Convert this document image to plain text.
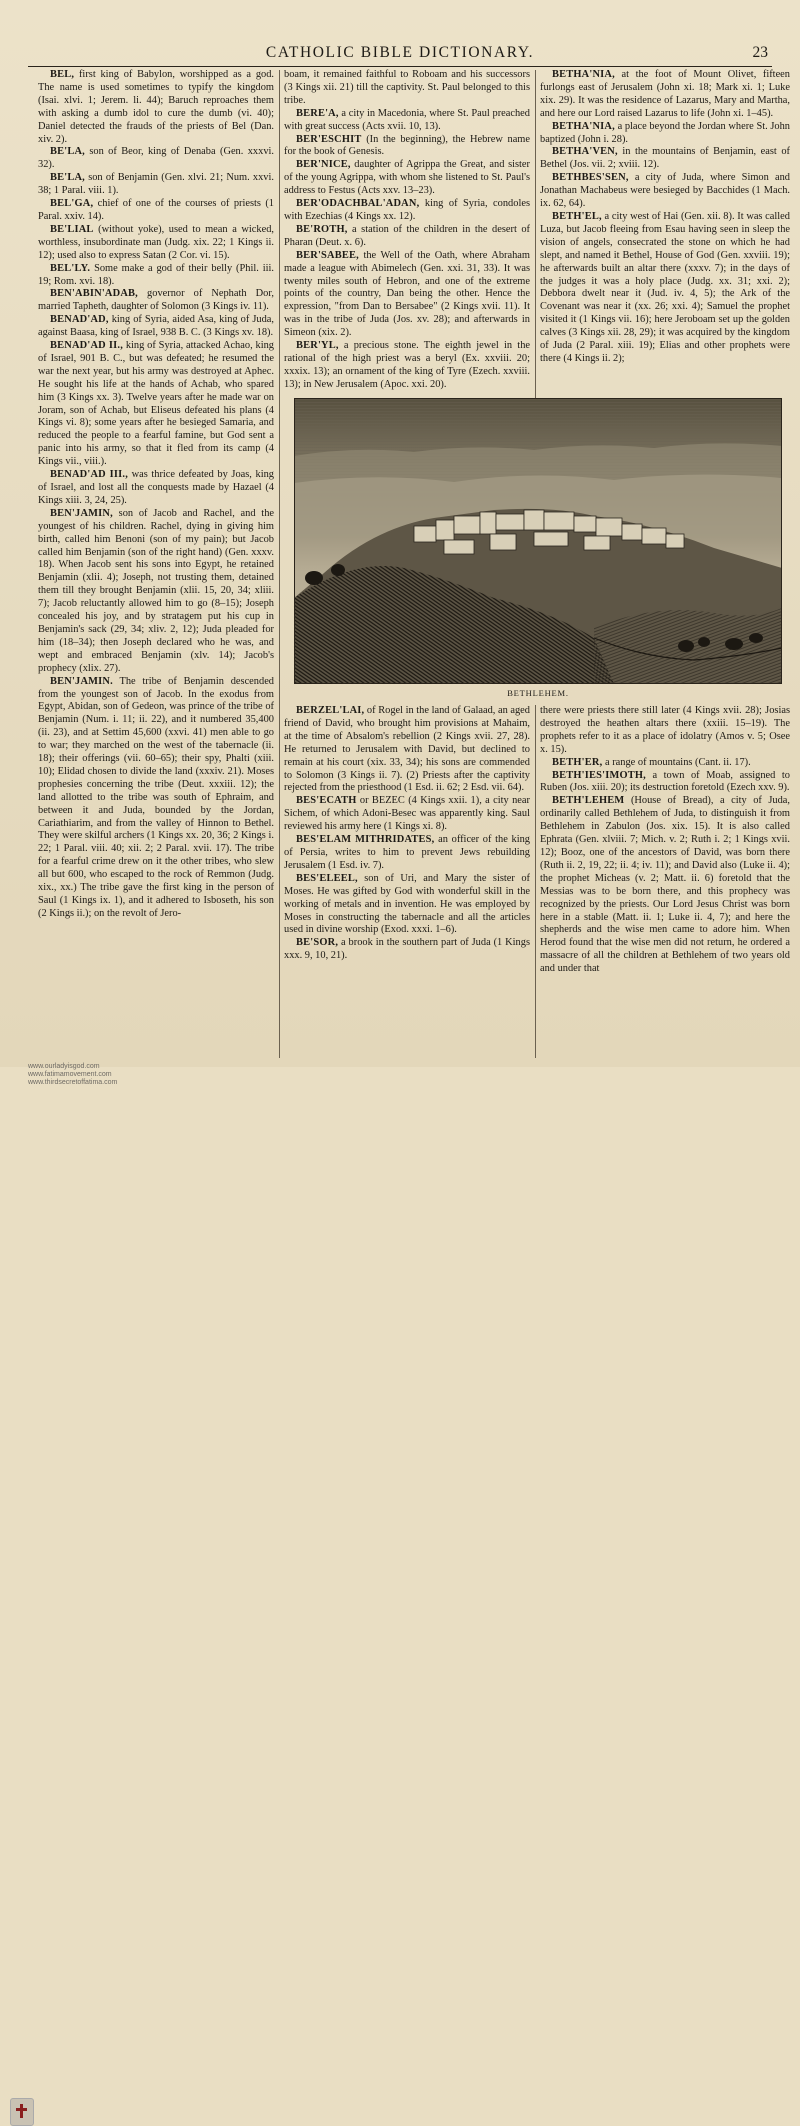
CATHOLIC BIBLE DICTIONARY.	23

BEL, first king of Babylon, worshipped as a god. The name is used sometimes to typify the kingdom (Isai. xlvi. 1; Jerem. li. 44); Baruch reproaches them with asking a dumb idol to cure the dumb (vi. 40); Daniel detected the frauds of the priests of Bel (Dan. xiv. 2).

BE'LA, son of Beor, king of Denaba (Gen. xxxvi. 32).

BE'LA, son of Benjamin (Gen. xlvi. 21; Num. xxvi. 38; 1 Paral. viii. 1).

BEL'GA, chief of one of the courses of priests (1 Paral. xxiv. 14).

BE'LIAL (without yoke), used to mean a wicked, worthless, insubordinate man (Judg. xix. 22; 1 Kings ii. 12); used also to express Satan (2 Cor. vi. 15).

BEL'LY. Some make a god of their belly (Phil. iii. 19; Rom. xvi. 18).

BEN'ABIN'ADAB, governor of Nephath Dor, married Tapheth, daughter of Solomon (3 Kings iv. 11).

BENAD'AD, king of Syria, aided Asa, king of Juda, against Baasa, king of Israel, 938 B. C. (3 Kings xv. 18).

BENAD'AD II., king of Syria, attacked Achao, king of Israel, 901 B. C., but was defeated; he resumed the war the next year, but his army was destroyed at Aphec. He sought his life at the hands of Achab, who spared him (3 Kings xx. 3). Twelve years after he made war on Joram, son of Achab, but Eliseus defeated his plans (4 Kings vi. 8); some years after he besieged Samaria, and reduced the people to a fearful famine, but God sent a panic into his army, so that it fled from its camp (4 Kings vii., viii.).

BENAD'AD III., was thrice defeated by Joas, king of Israel, and lost all the conquests made by Hazael (4 Kings xiii. 3, 24, 25).

BEN'JAMIN, son of Jacob and Rachel, and the youngest of his children. Rachel, dying in giving him birth, called him Benoni (son of my pain); but Jacob called him Benjamin (son of the right hand) (Gen. xxxv. 18). When Jacob sent his sons into Egypt, he retained Benjamin (xlii. 4); Joseph, not trusting them, detained them till they brought Benjamin (xlii. 15, 20, 34; xliii. 7); Jacob reluctantly allowed him to go (8–15); Joseph concealed his joy, and by stratagem put his cup in Benjamin's sack (29, 34; xliv. 2, 12); Juda pleaded for him (18–34); then Joseph declared who he was, and wept and embraced Benjamin (xlv. 14); Jacob's prophecy (xlix. 27).

BEN'JAMIN. The tribe of Benjamin descended from the youngest son of Jacob. In the exodus from Egypt, Abidan, son of Gedeon, was prince of the tribe of Benjamin (Num. i. 11; ii. 22), and it numbered 35,400 (ii. 23), and at Settim 45,600 (xxvi. 41) men able to go to war; they marched on the west of the tabernacle (ii. 18); their offerings (vii. 60–65); their spy, Phalti (xiii. 10); Elidad chosen to divide the land (xxxiv. 21). Moses prophesies concerning the tribe (Deut. xxxiii. 12); the land allotted to the tribe was south of Ephraim, and between it and Juda, bounded by the Jordan, Cariathiarim, and from the valley of Hinnon to Bethel. They were skilful archers (1 Kings xx. 20, 36; 2 Kings i. 22; 1 Paral. viii. 40; xii. 2; 2 Paral. xvii. 17). The tribe for a fearful crime drew on it the other tribes, who slew all but 600, who escaped to the rock of Remmon (Judg. xix., xx.) The tribe gave the first king in the person of Saul (1 Kings ix. 1), and it adhered to Isboseth, his son (2 Kings ii.); on the revolt of Jero-

boam, it remained faithful to Roboam and his successors (3 Kings xii. 21) till the captivity. St. Paul belonged to this tribe.

BERE'A, a city in Macedonia, where St. Paul preached with great success (Acts xvii. 10, 13).

BER'ESCHIT (In the beginning), the Hebrew name for the book of Genesis.

BER'NICE, daughter of Agrippa the Great, and sister of the young Agrippa, with whom she listened to St. Paul's address to Festus (Acts xxv. 13–23).

BER'ODACHBAL'ADAN, king of Syria, condoles with Ezechias (4 Kings xx. 12).

BE'ROTH, a station of the children in the desert of Pharan (Deut. x. 6).

BER'SABEE, the Well of the Oath, where Abraham made a league with Abimelech (Gen. xxi. 31, 33). It was twenty miles south of Hebron, and one of the extreme points of the country, Dan being the other. Hence the expression, "from Dan to Bersabee" (2 Kings xvii. 11). It was in the tribe of Juda (Jos. xv. 28); and afterwards in Simeon (xix. 2).

BER'YL, a precious stone. The eighth jewel in the rational of the high priest was a beryl (Ex. xxviii. 20; xxxix. 13); an ornament of the king of Tyre (Ezech. xxviii. 13); in New Jerusalem (Apoc. xxi. 20).

BETHA'NIA, at the foot of Mount Olivet, fifteen furlongs east of Jerusalem (John xi. 18; Mark xi. 1; Luke xix. 29). It was the residence of Lazarus, Mary and Martha, and here our Lord raised Lazarus to life (John xi. 1–45).

BETHA'NIA, a place beyond the Jordan where St. John baptized (John i. 28).

BETHA'VEN, in the mountains of Benjamin, east of Bethel (Jos. vii. 2; xviii. 12).

BETHBES'SEN, a city of Juda, where Simon and Jonathan Machabeus were besieged by Bacchides (1 Mach. ix. 62, 64).

BETH'EL, a city west of Hai (Gen. xii. 8). It was called Luza, but Jacob fleeing from Esau having seen in sleep the vision of angels, consecrated the stone on which he had slept, and named it Bethel, House of God (Gen. xxviii. 19); he afterwards built an altar there (xxxv. 7); in the days of the judges it was a holy place (Judg. xx. 31; xxi. 2); Debbora dwelt near it (Jud. iv. 4, 5); the Ark of the Covenant was near it (xx. 26; xxi. 4); Samuel the prophet visited it (1 Kings vii. 16); here Jeroboam set up the golden calves (3 Kings xii. 28, 29); it was acquired by the kingdom of Juda (2 Paral. xiii. 19); Elias and other prophets were there (4 Kings ii. 2);

BETHLEHEM.

BERZEL'LAI, of Rogel in the land of Galaad, an aged friend of David, who brought him provisions at Mahaim, at the time of Absalom's rebellion (2 Kings xvii. 27, 28). He returned to Jerusalem with David, but declined to remain at his court (xix. 33, 34); his sons are commended to Solomon (3 Kings ii. 7). (2) Priests after the captivity rejected from the priesthood (1 Esd. ii. 62; 2 Esd. vii. 64).

BES'ECATH or BEZEC (4 Kings xxii. 1), a city near Sichem, of which Adoni-Besec was apparently king. Saul reviewed his army here (1 Kings xi. 8).

BES'ELAM MITHRIDATES, an officer of the king of Persia, writes to him to prevent Jews rebuilding Jerusalem (1 Esd. iv. 7).

BES'ELEEL, son of Uri, and Mary the sister of Moses. He was gifted by God with wonderful skill in the working of metals and in invention. He was employed by Moses in constructing the tabernacle and all the articles used in divine worship (Exod. xxxi. 1–6).

BE'SOR, a brook in the southern part of Juda (1 Kings xxx. 9, 10, 21).

there were priests there still later (4 Kings xvii. 28); Josias destroyed the heathen altars there (xxiii. 15–19). The prophets refer to it as a place of idolatry (Amos v. 5; Osee x. 15).

BETH'ER, a range of mountains (Cant. ii. 17).

BETH'IES'IMOTH, a town of Moab, assigned to Ruben (Jos. xiii. 20); its destruction foretold (Ezech xxv. 9).

BETH'LEHEM (House of Bread), a city of Juda, ordinarily called Bethlehem of Juda, to distinguish it from Bethlehem in Zabulon (Jos. xix. 15). It is also called Ephrata (Gen. xlviii. 7; Mich. v. 2; Ruth i. 2; 1 Kings xvii. 12); Booz, one of the ancestors of David, was born there (Ruth ii. 2, 19, 22; ii. 4; iv. 11); and David also (Luke ii. 4); the prophet Micheas (v. 2; Matt. ii. 6) foretold that the Messias was to be born there, and this prophecy was recognized by the priests. Our Lord Jesus Christ was born here in a stable (Matt. ii. 1; Luke ii. 4, 7); and here the shepherds and the wise men came to adore him. When Herod found that the wise men did not return, he ordered a massacre of all the children at Bethlehem of two years old and under that

www.ourladyisgod.com
www.fatimamovement.com
www.thirdsecretoffatima.com
